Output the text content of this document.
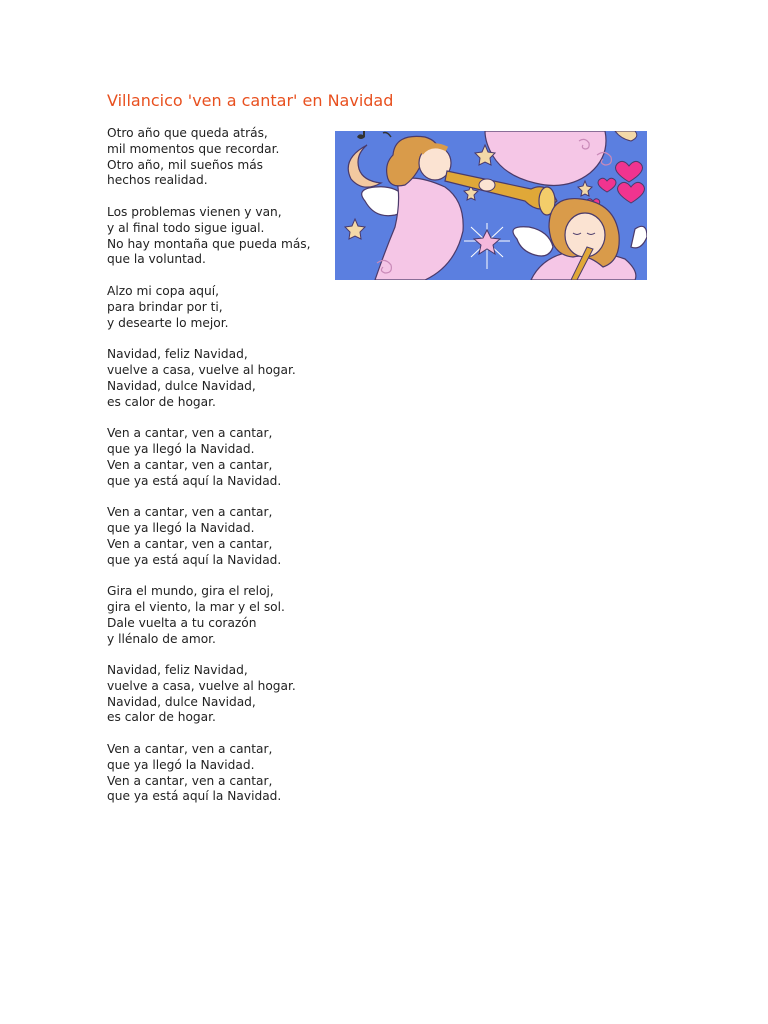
Villancico 'ven a cantar' en Navidad
Otro año que queda atrás,
mil momentos que recordar.
Otro año, mil sueños más
hechos realidad.
Los problemas vienen y van,
y al final todo sigue igual.
No hay montaña que pueda más,
que la voluntad.
Alzo mi copa aquí,
para brindar por ti,
y desearte lo mejor.
Navidad, feliz Navidad,
vuelve a casa, vuelve al hogar.
Navidad, dulce Navidad,
es calor de hogar.
Ven a cantar, ven a cantar,
que ya llegó la Navidad.
Ven a cantar, ven a cantar,
que ya está aquí la Navidad.
Ven a cantar, ven a cantar,
que ya llegó la Navidad.
Ven a cantar, ven a cantar,
que ya está aquí la Navidad.
Gira el mundo, gira el reloj,
gira el viento, la mar y el sol.
Dale vuelta a tu corazón
y llénalo de amor.
Navidad, feliz Navidad,
vuelve a casa, vuelve al hogar.
Navidad, dulce Navidad,
es calor de hogar.
Ven a cantar, ven a cantar,
que ya llegó la Navidad.
Ven a cantar, ven a cantar,
que ya está aquí la Navidad.
